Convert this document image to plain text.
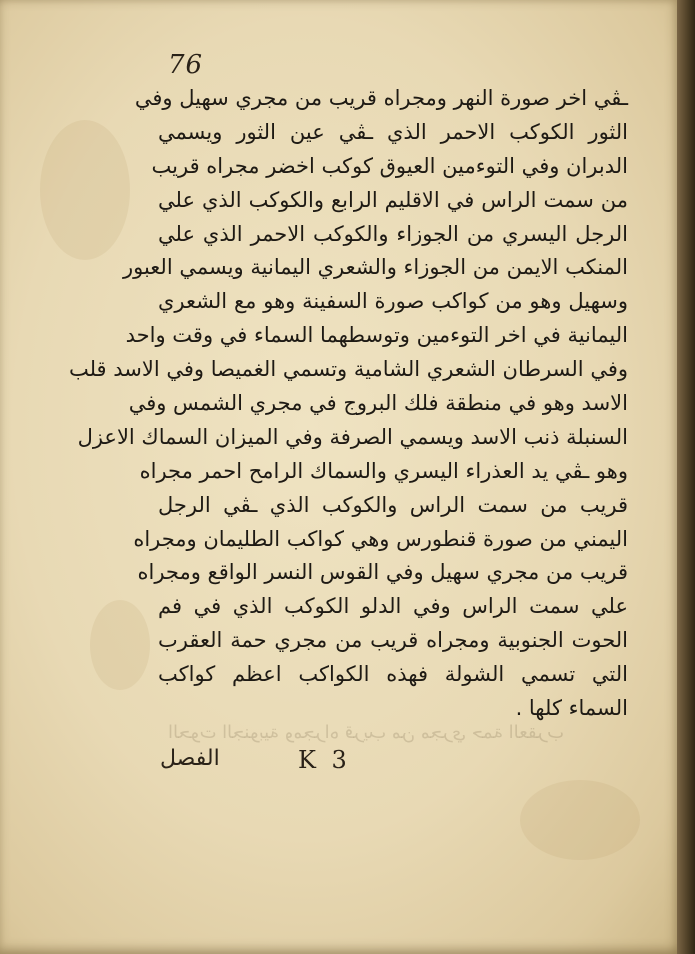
76
ـڤي اخر صورة النهر ومجراه قريب من مجري سهيل وفي
الثور الكوكب الاحمر الذي ـڤي عين الثور ويسمي
الدبران وفي التوءمين العيوق كوكب اخضر مجراه قريب
من سمت الراس في الاقليم الرابع والكوكب الذي علي
الرجل اليسري من الجوزاء والكوكب الاحمر الذي علي
المنكب الايمن من الجوزاء والشعري اليمانية ويسمي العبور
وسهيل وهو من كواكب صورة السفينة وهو مع الشعري
اليمانية في اخر التوءمين وتوسطهما السماء في وقت واحد
وفي السرطان الشعري الشامية وتسمي الغميصا وفي الاسد قلب
الاسد وهو في منطقة فلك البروج في مجري الشمس وفي
السنبلة ذنب الاسد ويسمي الصرفة وفي الميزان السماك الاعزل
وهو ـڤي يد العذراء اليسري والسماك الرامح احمر مجراه
قريب من سمت الراس والكوكب الذي ـڤي الرجل
اليمني من صورة قنطورس وهي كواكب الطليمان ومجراه
قريب من مجري سهيل وفي القوس النسر الواقع ومجراه
علي سمت الراس وفي الدلو الكوكب الذي في فم
الحوت الجنوبية ومجراه قريب من مجري حمة العقرب
التي تسمي الشولة فهذه الكواكب اعظم كواكب
السماء كلها .
الحوت الجنوبية ومجراه قريب من مجري حمة العقرب
K 3
الفصل
